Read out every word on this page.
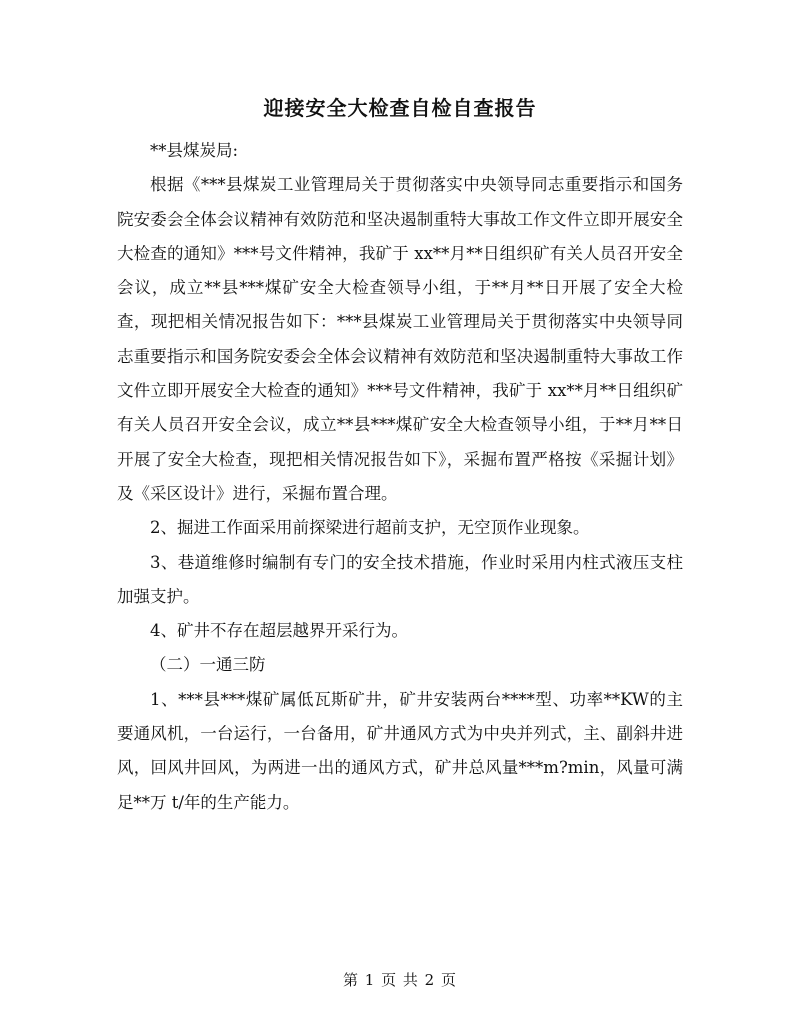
迎接安全大检查自检自查报告

**县煤炭局:

根据《***县煤炭工业管理局关于贯彻落实中央领导同志重要指示和国务院安委会全体会议精神有效防范和坚决遏制重特大事故工作文件立即开展安全大检查的通知》***号文件精神，我矿于 xx**月**日组织矿有关人员召开安全会议，成立**县***煤矿安全大检查领导小组，于**月**日开展了安全大检查，现把相关情况报告如下：***县煤炭工业管理局关于贯彻落实中央领导同志重要指示和国务院安委会全体会议精神有效防范和坚决遏制重特大事故工作文件立即开展安全大检查的通知》***号文件精神，我矿于 xx**月**日组织矿有关人员召开安全会议，成立**县***煤矿安全大检查领导小组，于**月**日开展了安全大检查，现把相关情况报告如下》，采掘布置严格按《采掘计划》及《采区设计》进行，采掘布置合理。

2、掘进工作面采用前探梁进行超前支护，无空顶作业现象。

3、巷道维修时编制有专门的安全技术措施，作业时采用内柱式液压支柱加强支护。

4、矿井不存在超层越界开采行为。

（二）一通三防

1、***县***煤矿属低瓦斯矿井，矿井安装两台****型、功率**KW的主要通风机，一台运行，一台备用，矿井通风方式为中央并列式，主、副斜井进风，回风井回风，为两进一出的通风方式，矿井总风量***m?min，风量可满足**万 t/年的生产能力。

第 1 页 共 2 页
